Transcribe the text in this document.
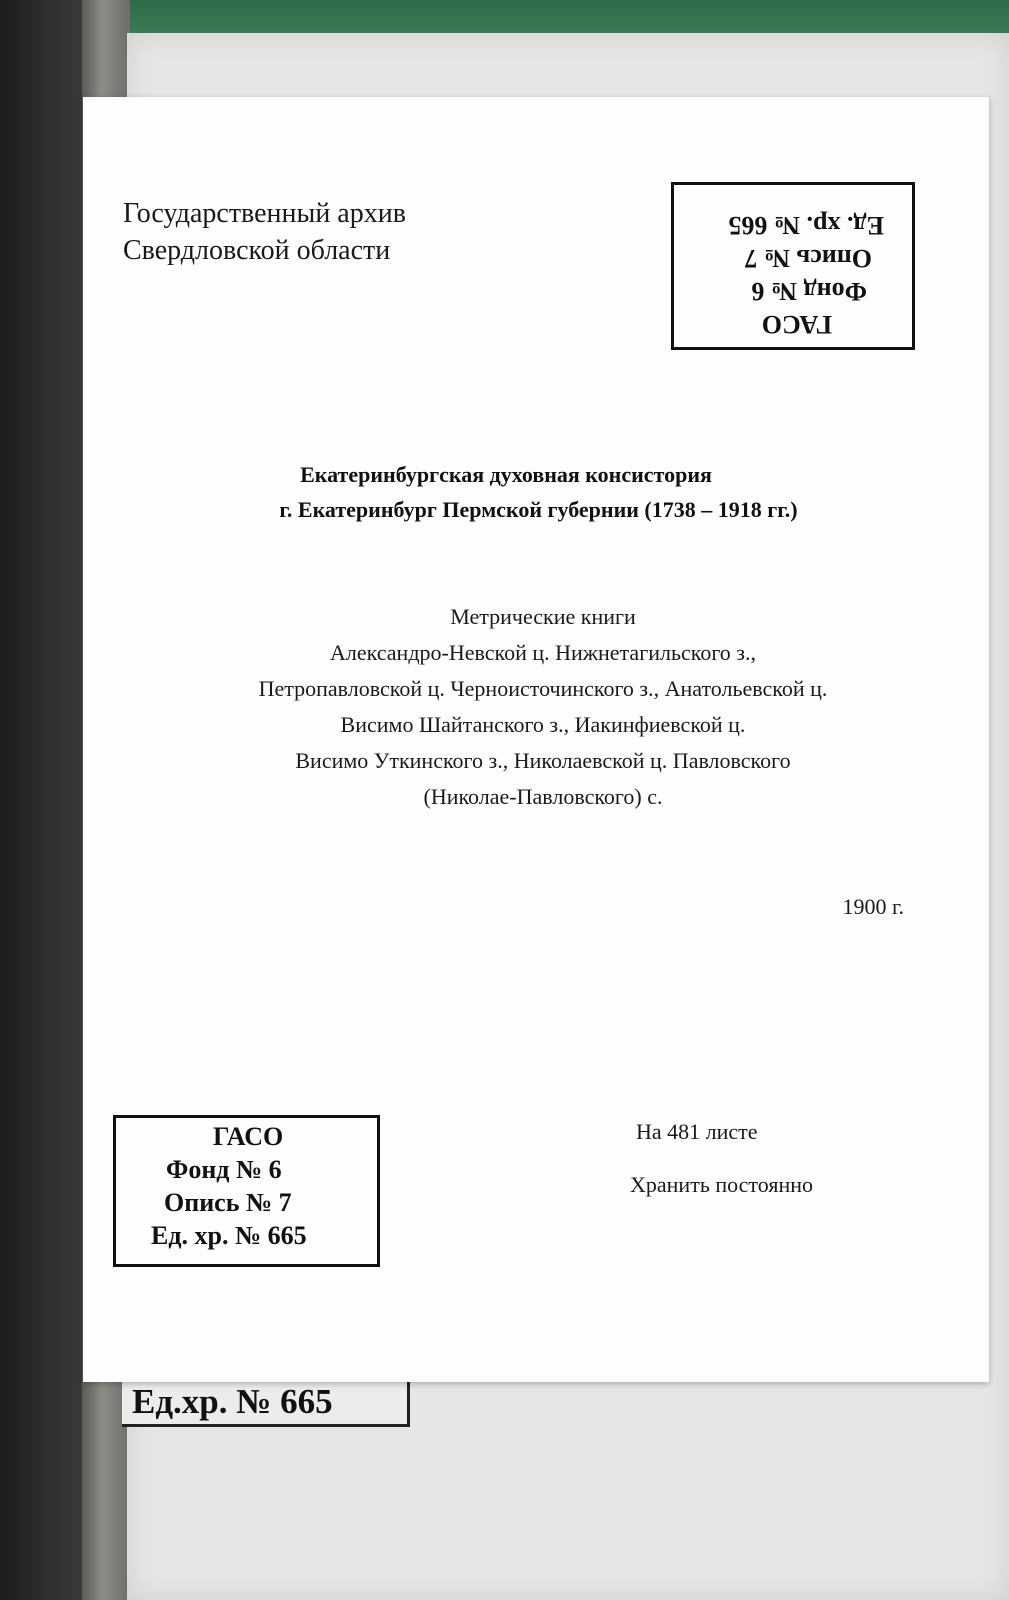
Ед.хр. № 665
Государственный архив
Свердловской области
ГАСО
Фонд № 6
Опись № 7
Ед. хр. № 665
Екатеринбургская духовная консистория
г. Екатеринбург Пермской губернии (1738 – 1918 гг.)
Метрические книги
Александро-Невской ц. Нижнетагильского з.,
Петропавловской ц. Черноисточинского з., Анатольевской ц.
Висимо Шайтанского з., Иакинфиевской ц.
Висимо Уткинского з., Николаевской ц. Павловского
(Николае-Павловского) с.
1900 г.
ГАСО
Фонд № 6
Опись № 7
Ед. хр. № 665
На 481 листе
Хранить постоянно
